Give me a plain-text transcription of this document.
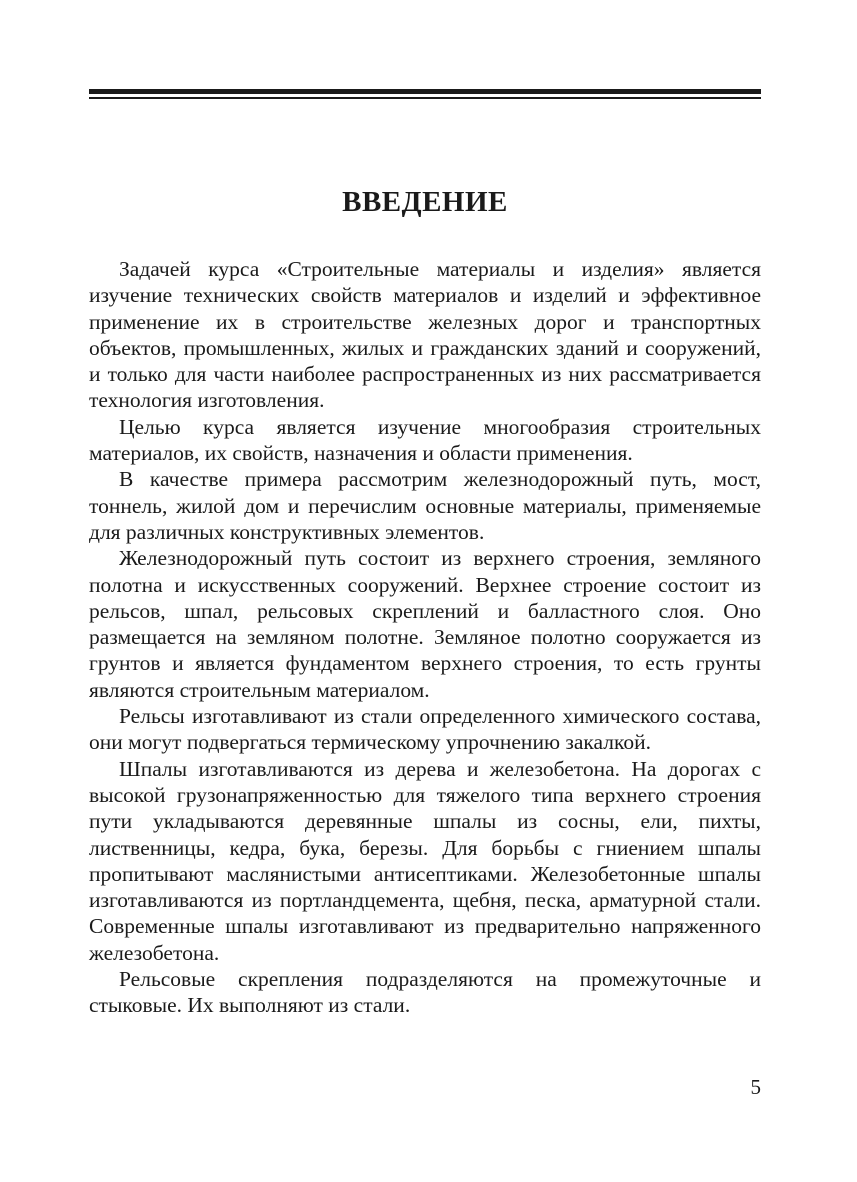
ВВЕДЕНИЕ

Задачей курса «Строительные материалы и изделия» является изучение технических свойств материалов и изделий и эффективное применение их в строительстве железных дорог и транспортных объектов, промышленных, жилых и гражданских зданий и сооружений, и только для части наиболее распространенных из них рассматривается технология изготовления.

Целью курса является изучение многообразия строительных материалов, их свойств, назначения и области применения.

В качестве примера рассмотрим железнодорожный путь, мост, тоннель, жилой дом и перечислим основные материалы, применяемые для различных конструктивных элементов.

Железнодорожный путь состоит из верхнего строения, земляного полотна и искусственных сооружений. Верхнее строение состоит из рельсов, шпал, рельсовых скреплений и балластного слоя. Оно размещается на земляном полотне. Земляное полотно сооружается из грунтов и является фундаментом верхнего строения, то есть грунты являются строительным материалом.

Рельсы изготавливают из стали определенного химического состава, они могут подвергаться термическому упрочнению закалкой.

Шпалы изготавливаются из дерева и железобетона. На дорогах с высокой грузонапряженностью для тяжелого типа верхнего строения пути укладываются деревянные шпалы из сосны, ели, пихты, лиственницы, кедра, бука, березы. Для борьбы с гниением шпалы пропитывают маслянистыми антисептиками. Железобетонные шпалы изготавливаются из портландцемента, щебня, песка, арматурной стали. Современные шпалы изготавливают из предварительно напряженного железобетона.

Рельсовые скрепления подразделяются на промежуточные и стыковые. Их выполняют из стали.

5
